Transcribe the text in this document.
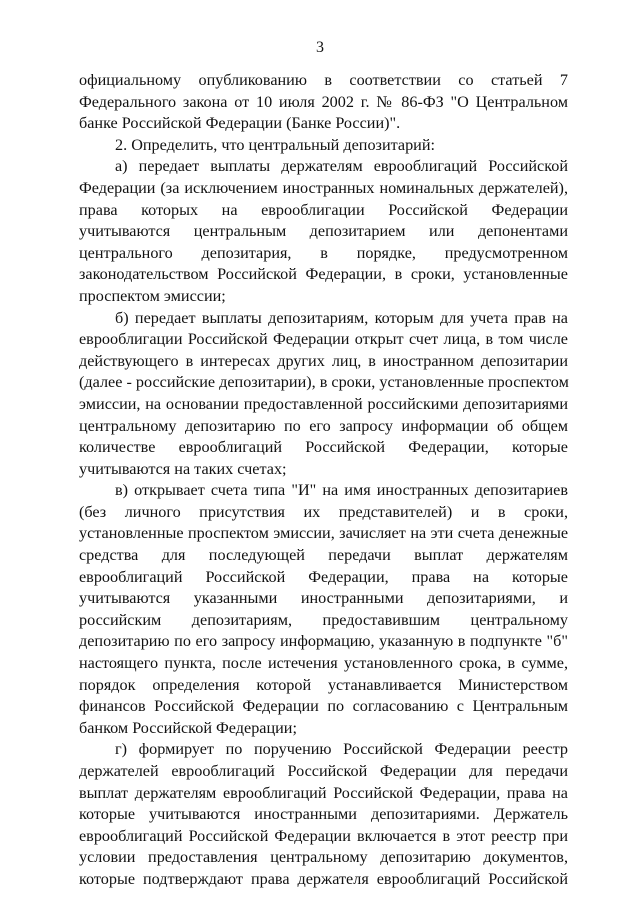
3
официальному опубликованию в соответствии со статьей 7
Федерального закона от 10 июля 2002 г. № 86-ФЗ "О Центральном
банке Российской Федерации (Банке России)".
2. Определить, что центральный депозитарий:
а) передает выплаты держателям еврооблигаций Российской
Федерации (за исключением иностранных номинальных держателей),
права которых на еврооблигации Российской Федерации
учитываются центральным депозитарием или депонентами
центрального депозитария, в порядке, предусмотренном
законодательством Российской Федерации, в сроки, установленные
проспектом эмиссии;
б) передает выплаты депозитариям, которым для учета прав на
еврооблигации Российской Федерации открыт счет лица, в том числе
действующего в интересах других лиц, в иностранном депозитарии
(далее - российские депозитарии), в сроки, установленные проспектом
эмиссии, на основании предоставленной российскими депозитариями
центральному депозитарию по его запросу информации об общем
количестве еврооблигаций Российской Федерации, которые
учитываются на таких счетах;
в) открывает счета типа "И" на имя иностранных депозитариев
(без личного присутствия их представителей) и в сроки,
установленные проспектом эмиссии, зачисляет на эти счета денежные
средства для последующей передачи выплат держателям
еврооблигаций Российской Федерации, права на которые
учитываются указанными иностранными депозитариями, и
российским депозитариям, предоставившим центральному
депозитарию по его запросу информацию, указанную в подпункте "б"
настоящего пункта, после истечения установленного срока, в сумме,
порядок определения которой устанавливается Министерством
финансов Российской Федерации по согласованию с Центральным
банком Российской Федерации;
г) формирует по поручению Российской Федерации реестр
держателей еврооблигаций Российской Федерации для передачи
выплат держателям еврооблигаций Российской Федерации, права на
которые учитываются иностранными депозитариями. Держатель
еврооблигаций Российской Федерации включается в этот реестр при
условии предоставления центральному депозитарию документов,
которые подтверждают права держателя еврооблигаций Российской
